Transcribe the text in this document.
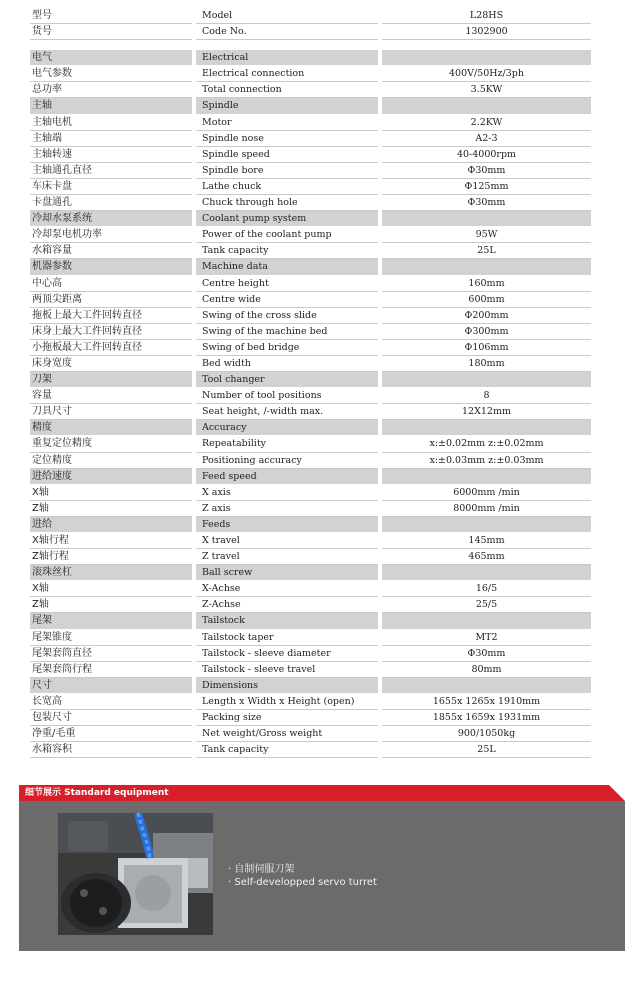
型号	Model	L28HS
货号	Code No.	1302900
电气	Electrical
电气参数	Electrical connection	400V/50Hz/3ph
总功率	Total connection	3.5KW
主轴	Spindle
主轴电机	Motor	2.2KW
主轴端	Spindle nose	A2-3
主轴转速	Spindle speed	40-4000rpm
主轴通孔直径	Spindle bore	Φ30mm
车床卡盘	Lathe chuck	Φ125mm
卡盘通孔	Chuck through hole	Φ30mm
冷却水泵系统	Coolant pump system
冷却泵电机功率	Power of the coolant pump	95W
水箱容量	Tank capacity	25L
机器参数	Machine data
中心高	Centre height	160mm
两顶尖距离	Centre wide	600mm
拖板上最大工件回转直径	Swing of the cross slide	Φ200mm
床身上最大工件回转直径	Swing of the machine bed	Φ300mm
小拖板最大工件回转直径	Swing of bed bridge	Φ106mm
床身宽度	Bed width	180mm
刀架	Tool changer
容量	Number of tool positions	8
刀具尺寸	Seat height, /-width max.	12X12mm
精度	Accuracy
重复定位精度	Repeatability	x:±0.02mm z:±0.02mm
定位精度	Positioning accuracy	x:±0.03mm z:±0.03mm
进给速度	Feed speed
X轴	X axis	6000mm /min
Z轴	Z axis	8000mm /min
进给	Feeds
X轴行程	X travel	145mm
Z轴行程	Z travel	465mm
滚珠丝杠	Ball screw
X轴	X-Achse	16/5
Z轴	Z-Achse	25/5
尾架	Tailstock
尾架锥度	Tailstock taper	MT2
尾架套筒直径	Tailstock - sleeve diameter	Φ30mm
尾架套筒行程	Tailstock - sleeve travel	80mm
尺寸	Dimensions
长宽高	Length x Width x Height (open)	1655x 1265x 1910mm
包装尺寸	Packing size	1855x 1659x 1931mm
净重/毛重	Net weight/Gross weight	900/1050kg
水箱容积	Tank capacity	25L
细节展示 Standard equipment
· 自制伺服刀架
· Self-developped servo turret
